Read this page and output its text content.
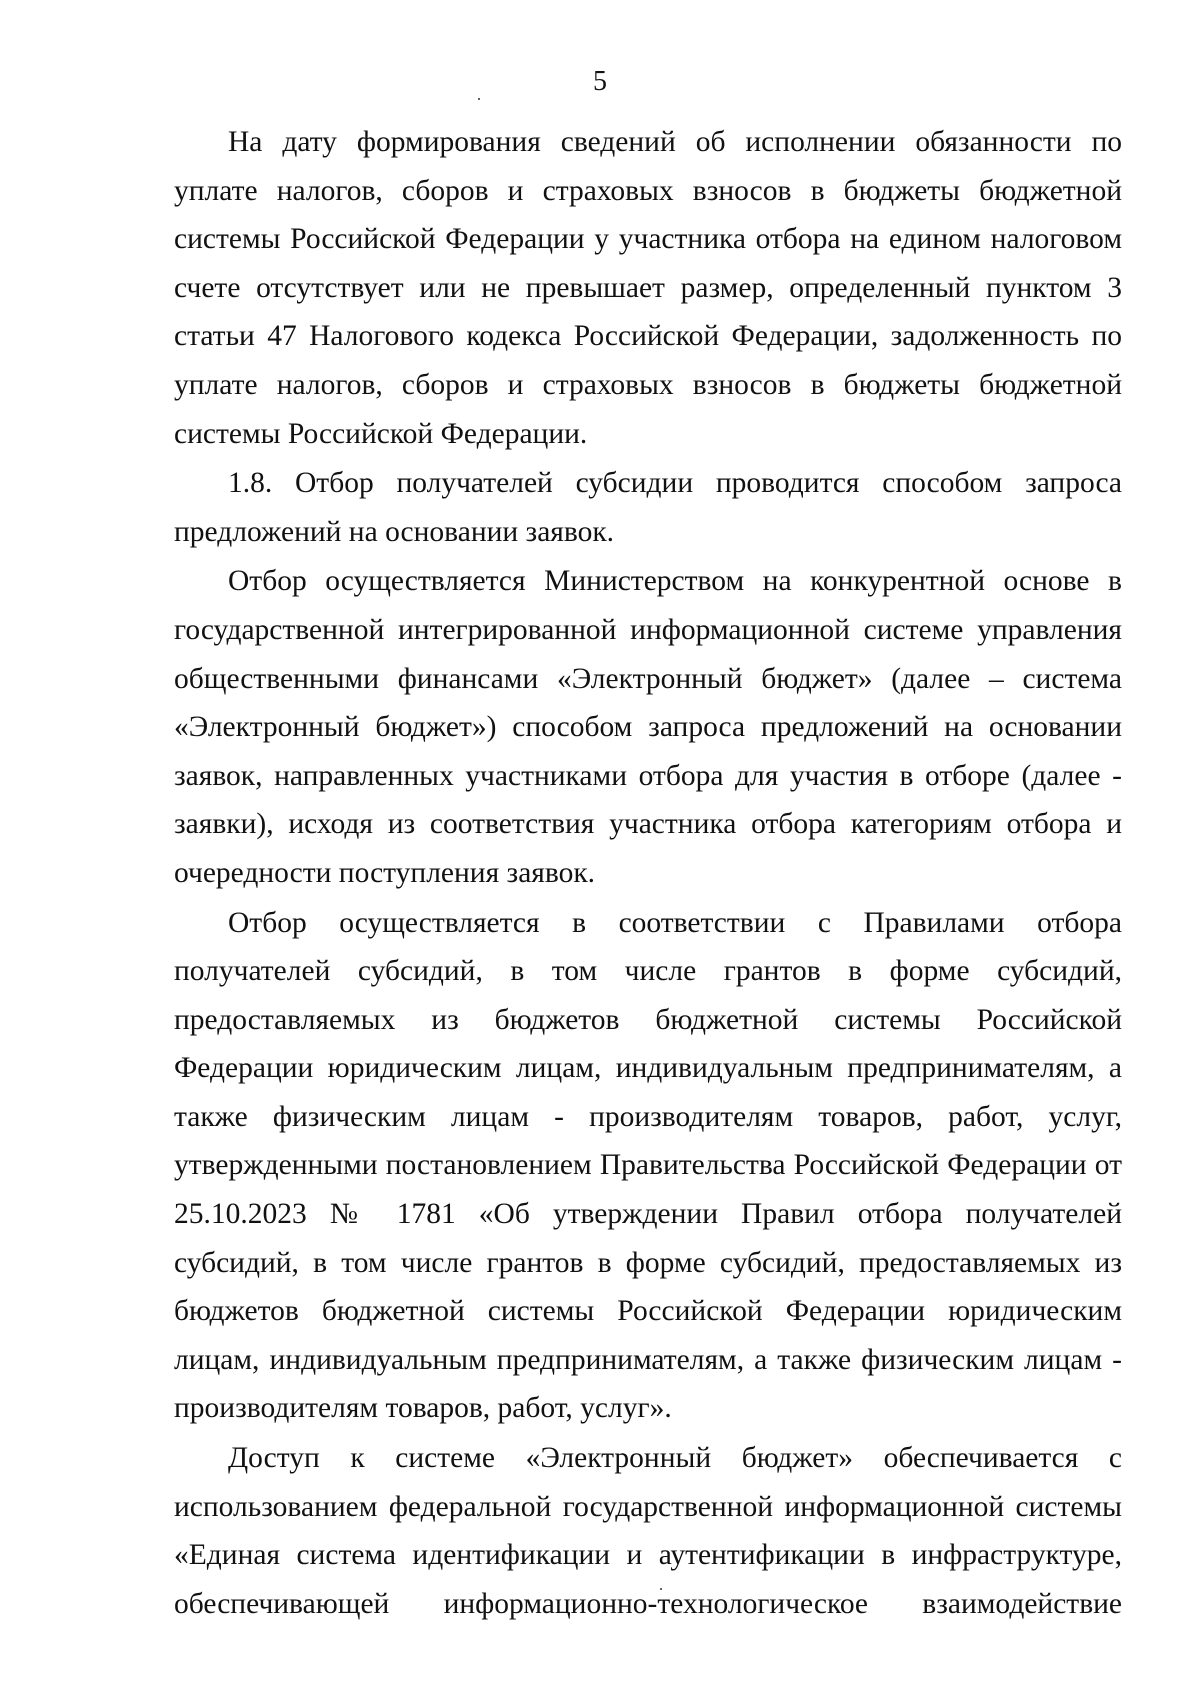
5

На дату формирования сведений об исполнении обязанности по уплате налогов, сборов и страховых взносов в бюджеты бюджетной системы Российской Федерации у участника отбора на едином налоговом счете отсутствует или не превышает размер, определенный пунктом 3 статьи 47 Налогового кодекса Российской Федерации, задолженность по уплате налогов, сборов и страховых взносов в бюджеты бюджетной системы Российской Федерации.

1.8. Отбор получателей субсидии проводится способом запроса предложений на основании заявок.

Отбор осуществляется Министерством на конкурентной основе в государственной интегрированной информационной системе управления общественными финансами «Электронный бюджет» (далее – система «Электронный бюджет») способом запроса предложений на основании заявок, направленных участниками отбора для участия в отборе (далее - заявки), исходя из соответствия участника отбора категориям отбора и очередности поступления заявок.

Отбор осуществляется в соответствии с Правилами отбора получателей субсидий, в том числе грантов в форме субсидий, предоставляемых из бюджетов бюджетной системы Российской Федерации юридическим лицам, индивидуальным предпринимателям, а также физическим лицам - производителям товаров, работ, услуг, утвержденными постановлением Правительства Российской Федерации от 25.10.2023 № 1781 «Об утверждении Правил отбора получателей субсидий, в том числе грантов в форме субсидий, предоставляемых из бюджетов бюджетной системы Российской Федерации юридическим лицам, индивидуальным предпринимателям, а также физическим лицам - производителям товаров, работ, услуг».

Доступ к системе «Электронный бюджет» обеспечивается с использованием федеральной государственной информационной системы «Единая система идентификации и аутентификации в инфраструктуре, обеспечивающей информационно-технологическое взаимодействие
